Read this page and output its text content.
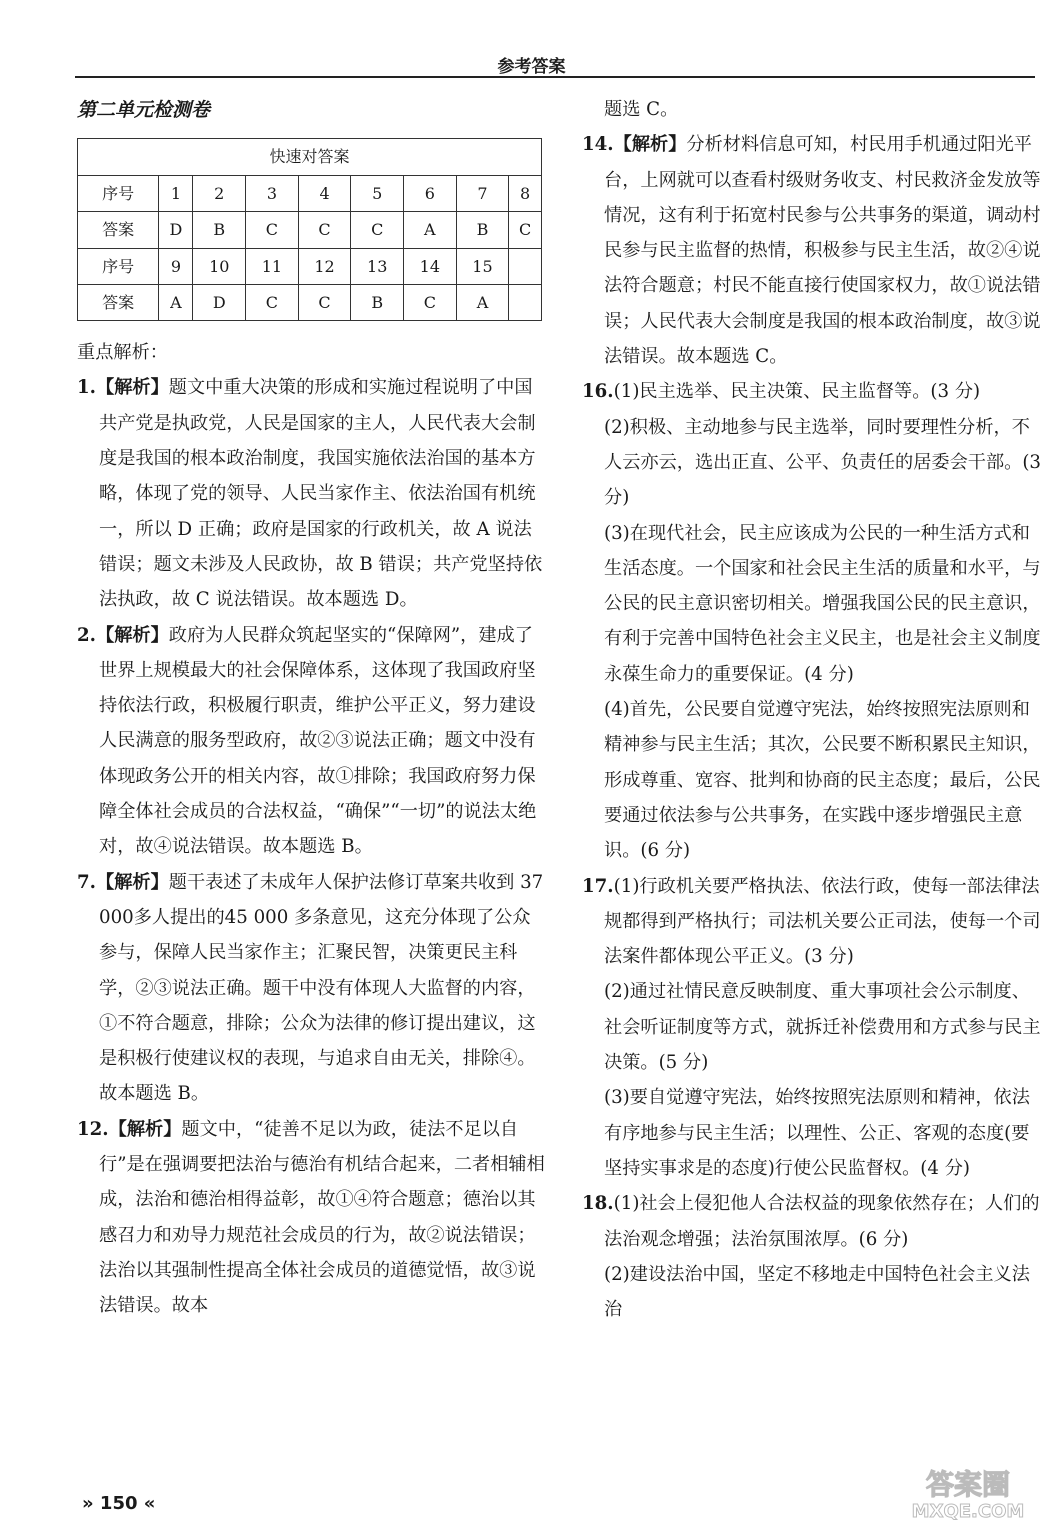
参考答案
第二单元检测卷
快速对答案								
序号	1	2	3	4	5	6	7	8
答案	D	B	C	C	C	A	B	C
序号	9	10	11	12	13	14	15	
答案	A	D	C	C	B	C	A	
重点解析：

1.【解析】题文中重大决策的形成和实施过程说明了中国共产党是执政党，人民是国家的主人，人民代表大会制度是我国的根本政治制度，我国实施依法治国的基本方略，体现了党的领导、人民当家作主、依法治国有机统一，所以 D 正确；政府是国家的行政机关，故 A 说法错误；题文未涉及人民政协，故 B 错误；共产党坚持依法执政，故 C 说法错误。故本题选 D。

2.【解析】政府为人民群众筑起坚实的“保障网”，建成了世界上规模最大的社会保障体系，这体现了我国政府坚持依法行政，积极履行职责，维护公平正义，努力建设人民满意的服务型政府，故②③说法正确；题文中没有体现政务公开的相关内容，故①排除；我国政府努力保障全体社会成员的合法权益，“确保”“一切”的说法太绝对，故④说法错误。故本题选 B。

7.【解析】题干表述了未成年人保护法修订草案共收到 37 000多人提出的45 000 多条意见，这充分体现了公众参与，保障人民当家作主；汇聚民智，决策更民主科学，②③说法正确。题干中没有体现人大监督的内容，①不符合题意，排除；公众为法律的修订提出建议，这是积极行使建议权的表现，与追求自由无关，排除④。故本题选 B。

12.【解析】题文中，“徒善不足以为政，徒法不足以自行”是在强调要把法治与德治有机结合起来，二者相辅相成，法治和德治相得益彰，故①④符合题意；德治以其感召力和劝导力规范社会成员的行为，故②说法错误；法治以其强制性提高全体社会成员的道德觉悟，故③说法错误。故本

题选 C。

14.【解析】分析材料信息可知，村民用手机通过阳光平台，上网就可以查看村级财务收支、村民救济金发放等情况，这有利于拓宽村民参与公共事务的渠道，调动村民参与民主监督的热情，积极参与民主生活，故②④说法符合题意；村民不能直接行使国家权力，故①说法错误；人民代表大会制度是我国的根本政治制度，故③说法错误。故本题选 C。

16.(1)民主选举、民主决策、民主监督等。(3 分)

(2)积极、主动地参与民主选举，同时要理性分析，不人云亦云，选出正直、公平、负责任的居委会干部。(3 分)

(3)在现代社会，民主应该成为公民的一种生活方式和生活态度。一个国家和社会民主生活的质量和水平，与公民的民主意识密切相关。增强我国公民的民主意识，有利于完善中国特色社会主义民主，也是社会主义制度永葆生命力的重要保证。(4 分)

(4)首先，公民要自觉遵守宪法，始终按照宪法原则和精神参与民主生活；其次，公民要不断积累民主知识，形成尊重、宽容、批判和协商的民主态度；最后，公民要通过依法参与公共事务，在实践中逐步增强民主意识。(6 分)

17.(1)行政机关要严格执法、依法行政，使每一部法律法规都得到严格执行；司法机关要公正司法，使每一个司法案件都体现公平正义。(3 分)

(2)通过社情民意反映制度、重大事项社会公示制度、社会听证制度等方式，就拆迁补偿费用和方式参与民主决策。(5 分)

(3)要自觉遵守宪法，始终按照宪法原则和精神，依法有序地参与民主生活；以理性、公正、客观的态度(要坚持实事求是的态度)行使公民监督权。(4 分)

18.(1)社会上侵犯他人合法权益的现象依然存在；人们的法治观念增强；法治氛围浓厚。(6 分)

(2)建设法治中国，坚定不移地走中国特色社会主义法治

» 150 «
答案圈
MXQE.COM
